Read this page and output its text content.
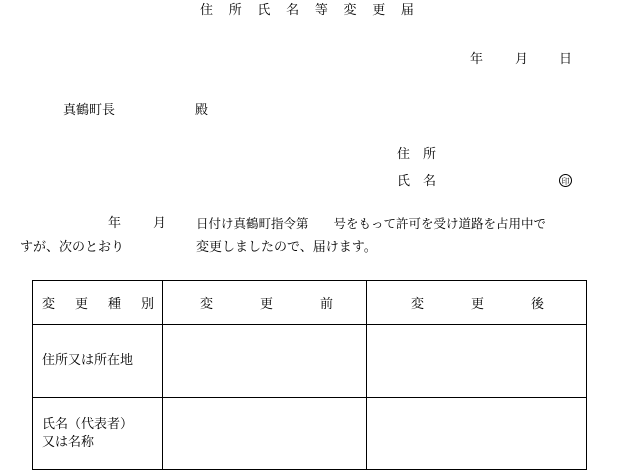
住 所 氏 名 等 変 更 届
年 月 日
真鶴町長	殿
住　所
氏　名	印
年 月 日付け真鶴町指令第　　号をもって許可を受け道路を占用中で
すが、次のとおり	変更しましたので、届けます。
変 更 種 別	変 更 前	変 更 後

住所又は所在地		

氏名（代表者）
又は名称		
